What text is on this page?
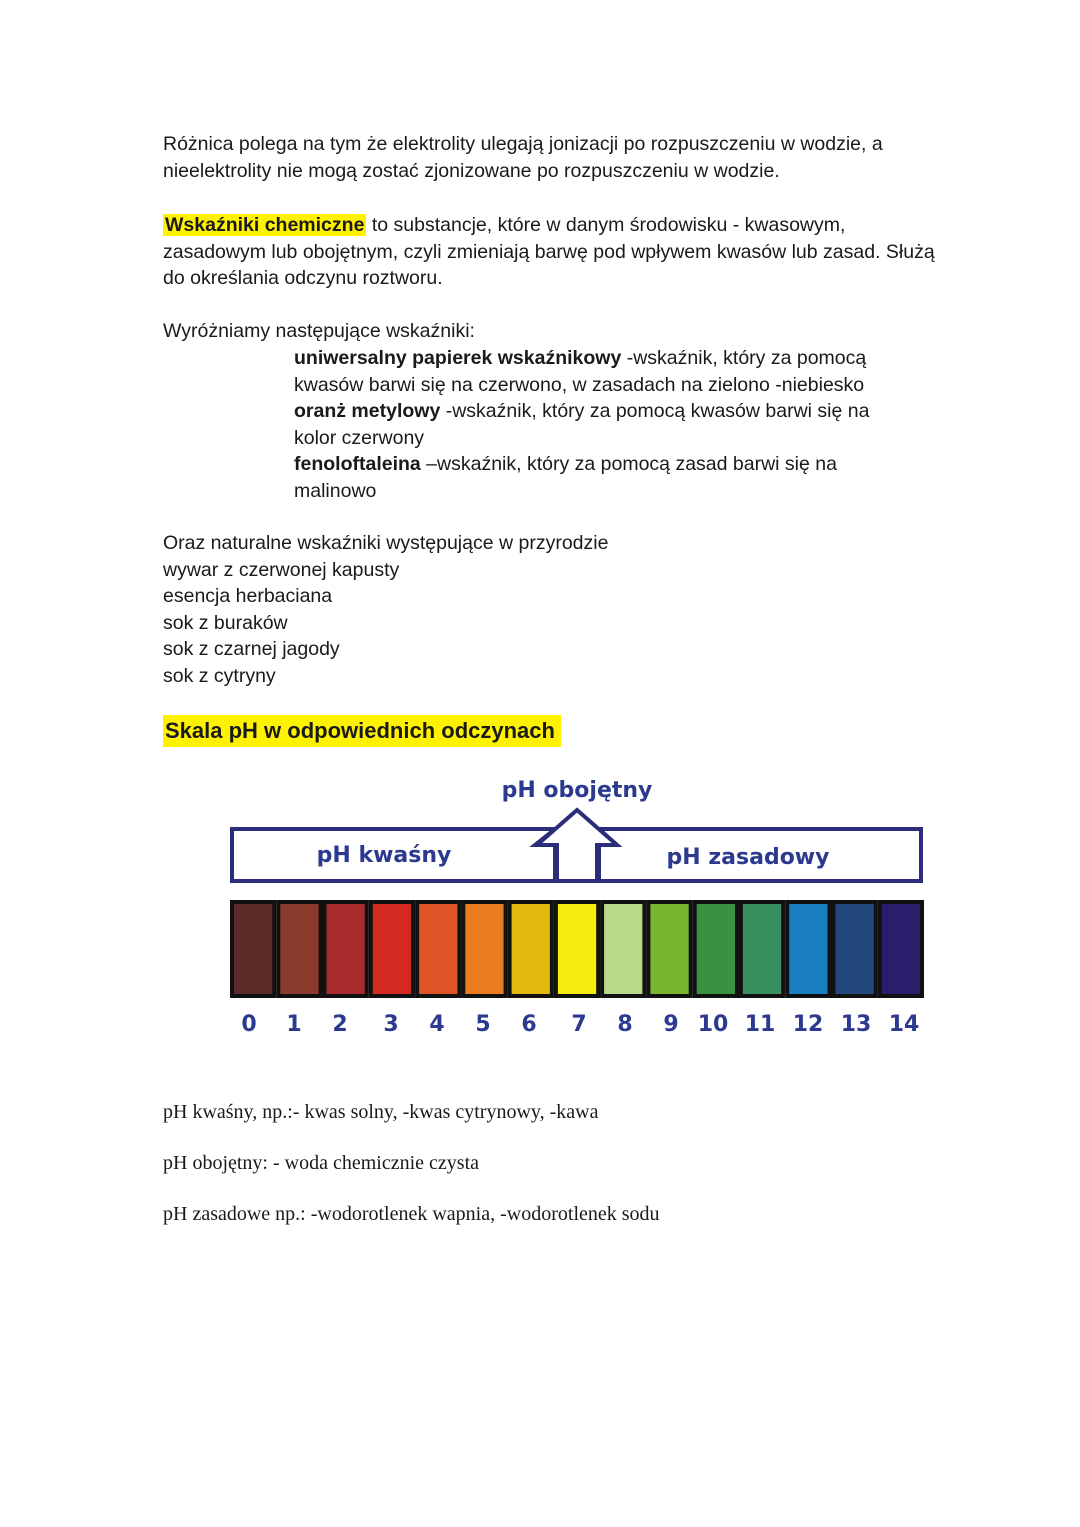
Różnica polega na tym że elektrolity ulegają jonizacji po rozpuszczeniu w wodzie, a nieelektrolity nie mogą zostać zjonizowane po rozpuszczeniu w wodzie.
Wskaźniki chemiczne to substancje, które w danym środowisku - kwasowym, zasadowym lub obojętnym, czyli zmieniają barwę pod wpływem kwasów lub zasad. Służą do określania odczynu roztworu.
Wyróżniamy następujące wskaźniki:
uniwersalny papierek wskaźnikowy -wskaźnik, który za pomocą kwasów barwi się na czerwono, w zasadach na zielono -niebiesko
oranż metylowy -wskaźnik, który za pomocą kwasów barwi się na kolor czerwony
fenoloftaleina –wskaźnik, który za pomocą zasad barwi się na malinowo
Oraz naturalne wskaźniki występujące w przyrodzie
wywar z czerwonej kapusty
esencja herbaciana
sok z buraków
sok z czarnej jagody
sok z cytryny
Skala pH w odpowiednich odczynach
pH obojętny
pH kwaśny	pH zasadowy
0 1 2 3 4 5 6 7 8 9 10 11 12 13 14
pH kwaśny, np.:- kwas solny, -kwas cytrynowy, -kawa
pH obojętny: - woda chemicznie czysta
pH zasadowe np.: -wodorotlenek wapnia, -wodorotlenek sodu
